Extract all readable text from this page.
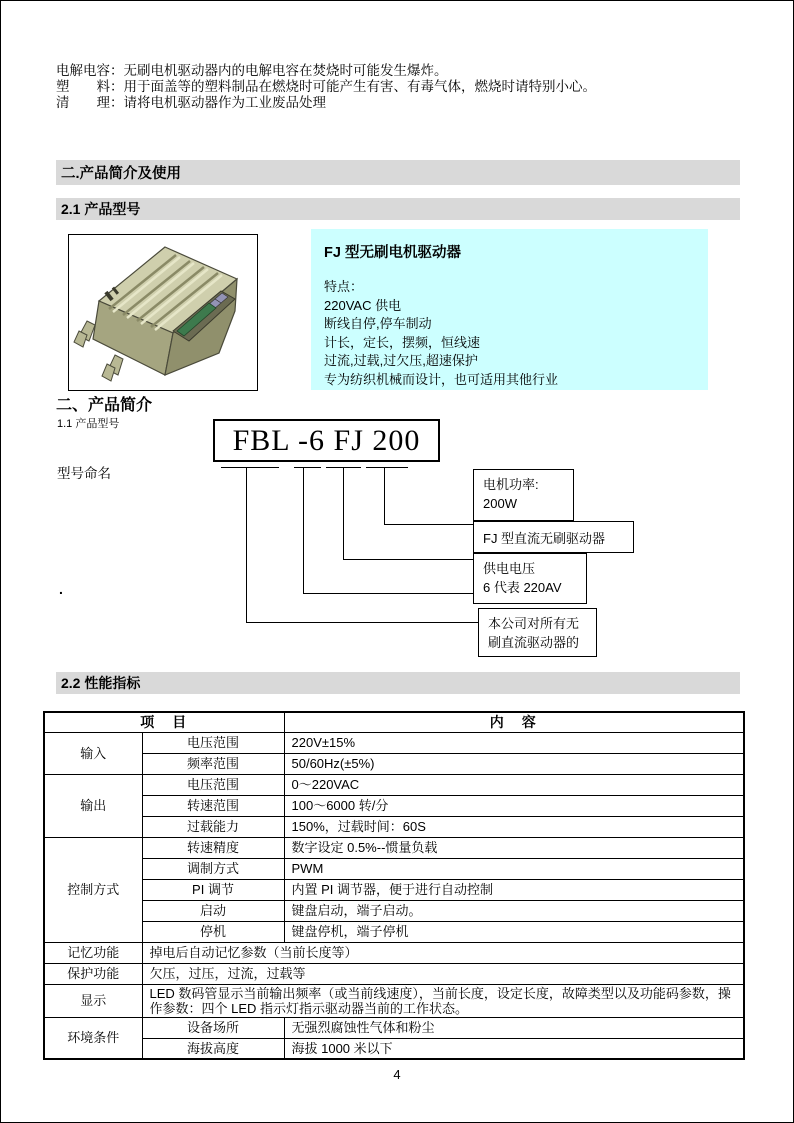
电解电容： 无刷电机驱动器内的电解电容在焚烧时可能发生爆炸。
塑　　料： 用于面盖等的塑料制品在燃烧时可能产生有害、有毒气体，燃烧时请特别小心。
清　　理： 请将电机驱动器作为工业废品处理
二.产品简介及使用
2.1 产品型号
2.2 性能指标
FJ 型无刷电机驱动器
特点：
220VAC 供电
断线自停,停车制动
计长，定长，摆频，恒线速
过流,过载,过欠压,超速保护
专为纺织机械而设计，也可适用其他行业
二、产品简介
1.1 产品型号
型号命名
.
FBL -6 FJ 200
电机功率:
200W
FJ 型直流无刷驱动器
供电电压
6 代表 220AV
本公司对所有无
刷直流驱动器的
项　目		内　容
输入	电压范围	220V±15%
	频率范围	50/60Hz(±5%)
输出	电压范围	0～220VAC
	转速范围	100～6000 转/分
	过载能力	150%，过载时间：60S
控制方式	转速精度	数字设定 0.5%--惯量负载
	调制方式	PWM
	PI 调节	内置 PI 调节器，便于进行自动控制
	启动	键盘启动，端子启动。
	停机	键盘停机，端子停机
记忆功能	掉电后自动记忆参数（当前长度等）	
保护功能	欠压，过压，过流，过载等	
显示	LED 数码管显示当前输出频率（或当前线速度），当前长度，设定长度，故障类型以及功能码参数，操作参数：四个 LED 指示灯指示驱动器当前的工作状态。	
环境条件	设备场所	无强烈腐蚀性气体和粉尘
	海拔高度	海拔 1000 米以下
4
